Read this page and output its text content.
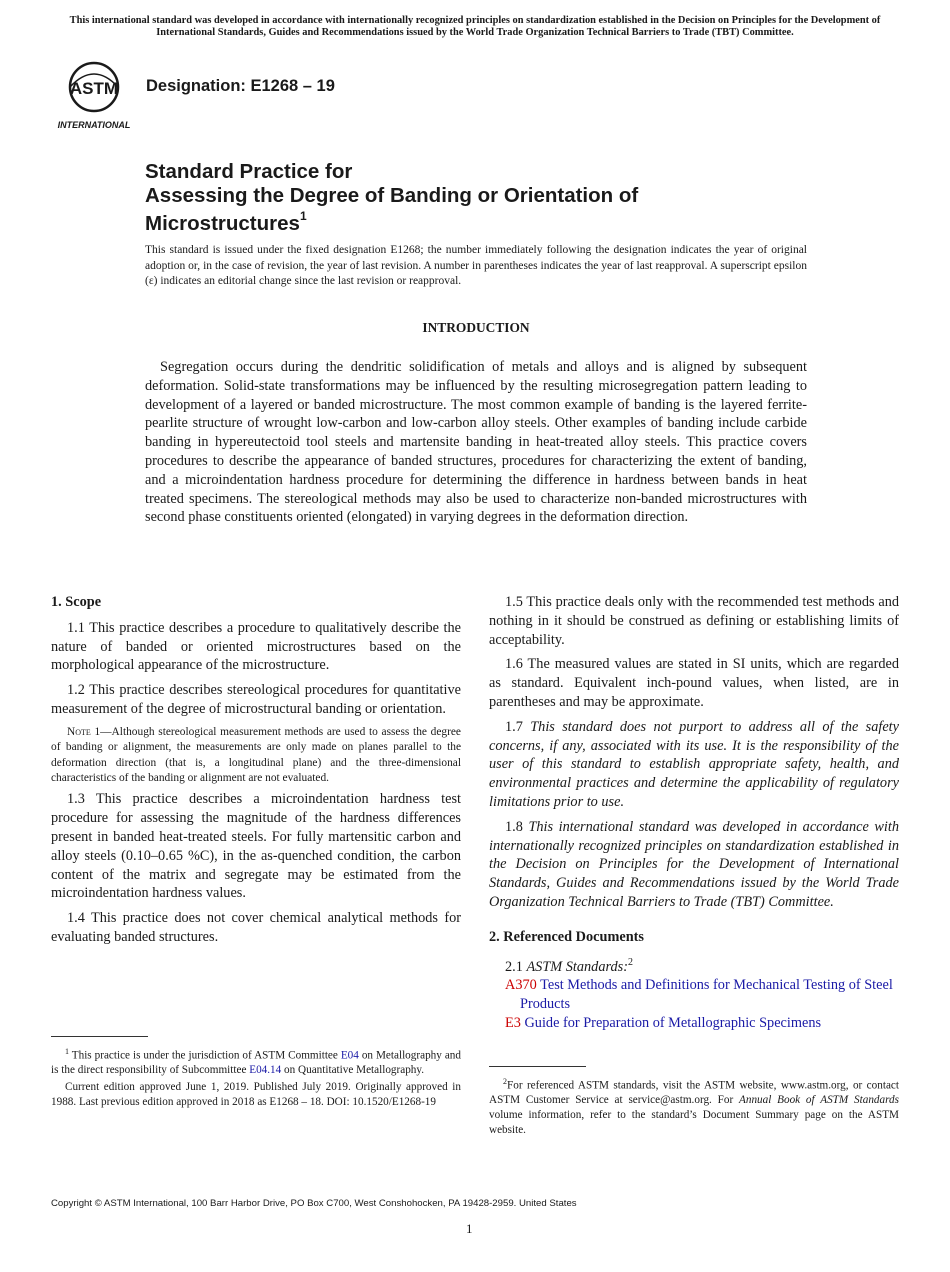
This international standard was developed in accordance with internationally recognized principles on standardization established in the Decision on Principles for the Development of International Standards, Guides and Recommendations issued by the World Trade Organization Technical Barriers to Trade (TBT) Committee.
ASTM
INTERNATIONAL
Designation: E1268 – 19
Standard Practice for
Assessing the Degree of Banding or Orientation of
Microstructures$^1$
This standard is issued under the fixed designation E1268; the number immediately following the designation indicates the year of original adoption or, in the case of revision, the year of last revision. A number in parentheses indicates the year of last reapproval. A superscript epsilon (ε) indicates an editorial change since the last revision or reapproval.
INTRODUCTION
Segregation occurs during the dendritic solidification of metals and alloys and is aligned by subsequent deformation. Solid-state transformations may be influenced by the resulting microsegregation pattern leading to development of a layered or banded microstructure. The most common example of banding is the layered ferrite-pearlite structure of wrought low-carbon and low-carbon alloy steels. Other examples of banding include carbide banding in hypereutectoid tool steels and martensite banding in heat-treated alloy steels. This practice covers procedures to describe the appearance of banded structures, procedures for characterizing the extent of banding, and a microindentation hardness procedure for determining the difference in hardness between bands in heat treated specimens. The stereological methods may also be used to characterize non-banded microstructures with second phase constituents oriented (elongated) in varying degrees in the deformation direction.
1. Scope

1.1 This practice describes a procedure to qualitatively describe the nature of banded or oriented microstructures based on the morphological appearance of the microstructure.

1.2 This practice describes stereological procedures for quantitative measurement of the degree of microstructural banding or orientation.

Note 1—Although stereological measurement methods are used to assess the degree of banding or alignment, the measurements are only made on planes parallel to the deformation direction (that is, a longitudinal plane) and the three-dimensional characteristics of the banding or alignment are not evaluated.

1.3 This practice describes a microindentation hardness test procedure for assessing the magnitude of the hardness differences present in banded heat-treated steels. For fully martensitic carbon and alloy steels (0.10–0.65 %C), in the as-quenched condition, the carbon content of the matrix and segregate may be estimated from the microindentation hardness values.

1.4 This practice does not cover chemical analytical methods for evaluating banded structures.

1.5 This practice deals only with the recommended test methods and nothing in it should be construed as defining or establishing limits of acceptability.

1.6 The measured values are stated in SI units, which are regarded as standard. Equivalent inch-pound values, when listed, are in parentheses and may be approximate.

1.7 This standard does not purport to address all of the safety concerns, if any, associated with its use. It is the responsibility of the user of this standard to establish appropriate safety, health, and environmental practices and determine the applicability of regulatory limitations prior to use.

1.8 This international standard was developed in accordance with internationally recognized principles on standardization established in the Decision on Principles for the Development of International Standards, Guides and Recommendations issued by the World Trade Organization Technical Barriers to Trade (TBT) Committee.

2. Referenced Documents
2.1 ASTM Standards:$^2$
A370 Test Methods and Definitions for Mechanical Testing of Steel Products
E3 Guide for Preparation of Metallographic Specimens

$^1$ This practice is under the jurisdiction of ASTM Committee E04 on Metallography and is the direct responsibility of Subcommittee E04.14 on Quantitative Metallography.

Current edition approved June 1, 2019. Published July 2019. Originally approved in 1988. Last previous edition approved in 2018 as E1268 – 18. DOI: 10.1520/E1268-19

$^2$For referenced ASTM standards, visit the ASTM website, www.astm.org, or contact ASTM Customer Service at service@astm.org. For Annual Book of ASTM Standards volume information, refer to the standard’s Document Summary page on the ASTM website.

Copyright © ASTM International, 100 Barr Harbor Drive, PO Box C700, West Conshohocken, PA 19428-2959. United States
1
